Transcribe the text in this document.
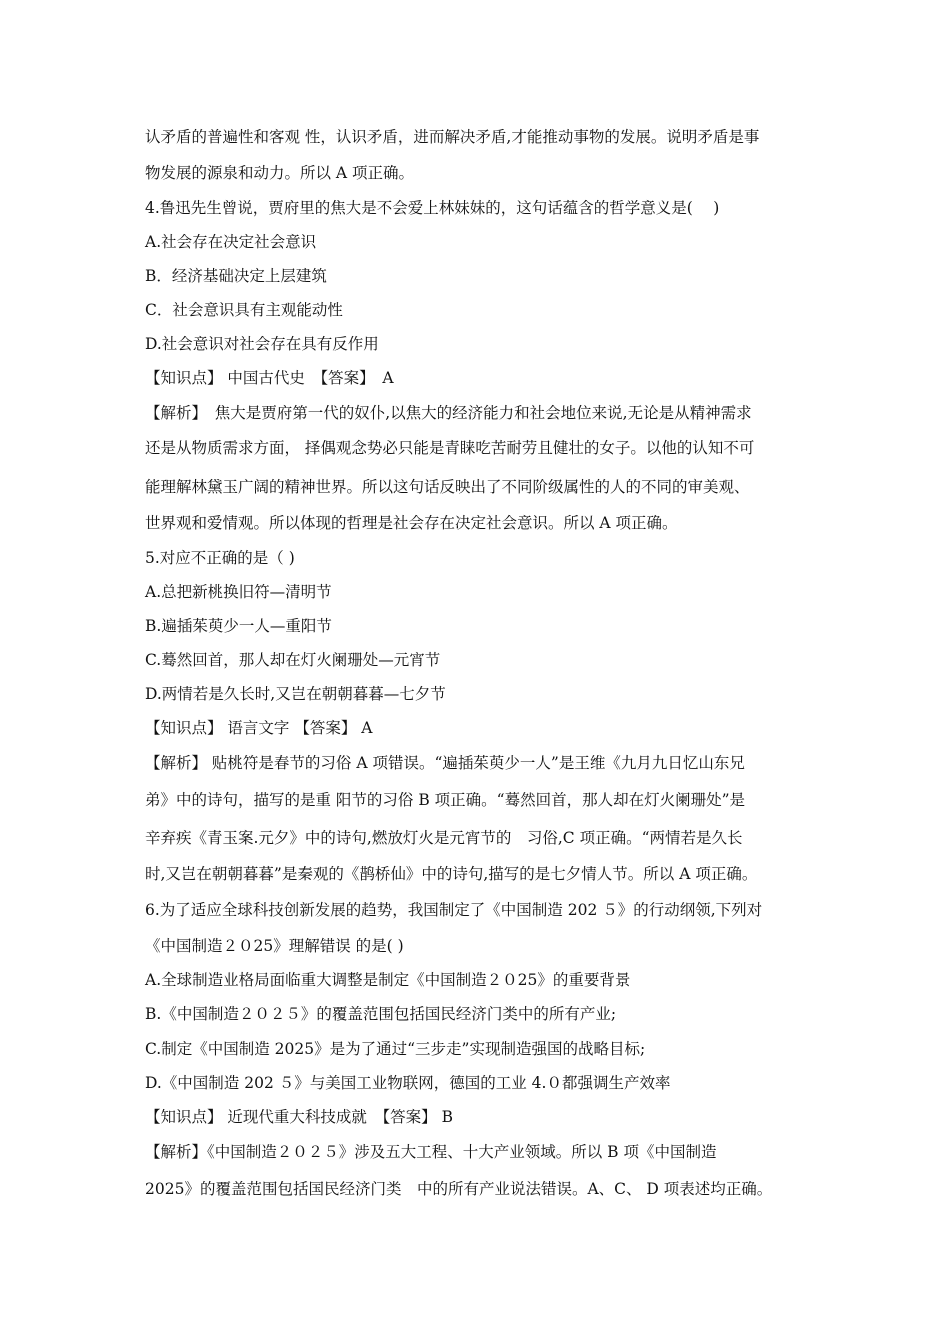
认矛盾的普遍性和客观 性，认识矛盾，进而解决矛盾,才能推动事物的发展。说明矛盾是事
物发展的源泉和动力。所以 A 项正确。
4.鲁迅先生曾说，贾府里的焦大是不会爱上林妹妹的，这句话蕴含的哲学意义是(　 )
A.社会存在决定社会意识
B．经济基础决定上层建筑
C．社会意识具有主观能动性
D.社会意识对社会存在具有反作用
【知识点】 中国古代史　【答案】　A
【解析】　焦大是贾府第一代的奴仆,以焦大的经济能力和社会地位来说,无论是从精神需求
还是从物质需求方面， 择偶观念势必只能是青睐吃苦耐劳且健壮的女子。以他的认知不可
能理解林黛玉广阔的精神世界。所以这句话反映出了不同阶级属性的人的不同的审美观、
世界观和爱情观。所以体现的哲理是社会存在决定社会意识。所以 A 项正确。
5.对应不正确的是（ )
A.总把新桃换旧符—清明节
B.遍插茱萸少一人—重阳节
C.蓦然回首，那人却在灯火阑珊处—元宵节
D.两情若是久长时,又岂在朝朝暮暮—七夕节
【知识点】 语言文字 【答案】 A
【解析】 贴桃符是春节的习俗 A 项错误。“遍插茱萸少一人”是王维《九月九日忆山东兄
弟》中的诗句，描写的是重 阳节的习俗 B 项正确。“蓦然回首，那人却在灯火阑珊处”是
辛弃疾《青玉案.元夕》中的诗句,燃放灯火是元宵节的　习俗,C 项正确。“两情若是久长
时,又岂在朝朝暮暮”是秦观的《鹊桥仙》中的诗句,描写的是七夕情人节。所以 A 项正确。
6.为了适应全球科技创新发展的趋势，我国制定了《中国制造 202 ５》的行动纲领,下列对
《中国制造２０25》理解错误 的是( )
A.全球制造业格局面临重大调整是制定《中国制造２０25》的重要背景
B.《中国制造２０２５》的覆盖范围包括国民经济门类中的所有产业;
C.制定《中国制造 2025》是为了通过“三步走”实现制造强国的战略目标;
D.《中国制造 202 ５》与美国工业物联网，德国的工业 4.０都强调生产效率
【知识点】 近现代重大科技成就　【答案】 B
【解析】《中国制造２０２５》涉及五大工程、十大产业领域。所以 B 项《中国制造
2025》的覆盖范围包括国民经济门类　中的所有产业说法错误。A、C、 D 项表述均正确。
